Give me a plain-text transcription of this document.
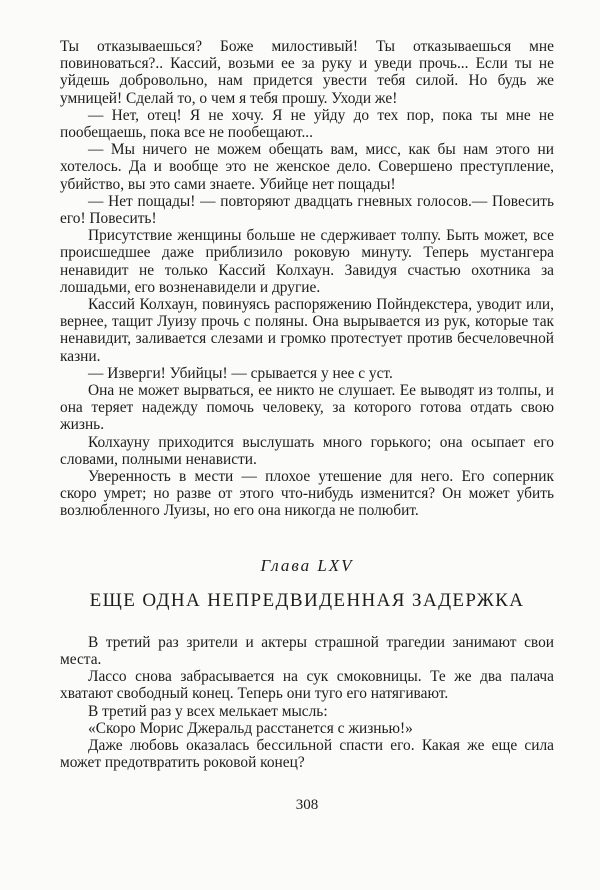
Ты отказываешься? Боже милостивый! Ты отказываешься мне повиноваться?.. Кассий, возьми ее за руку и уведи прочь... Если ты не уйдешь добровольно, нам придется увести тебя силой. Но будь же умницей! Сделай то, о чем я тебя прошу. Уходи же!

— Нет, отец! Я не хочу. Я не уйду до тех пор, пока ты мне не пообещаешь, пока все не пообещают...

— Мы ничего не можем обещать вам, мисс, как бы нам этого ни хотелось. Да и вообще это не женское дело. Совершено преступление, убийство, вы это сами знаете. Убийце нет пощады!

— Нет пощады! — повторяют двадцать гневных голосов.— Повесить его! Повесить!

Присутствие женщины больше не сдерживает толпу. Быть может, все происшедшее даже приблизило роковую минуту. Теперь мустангера ненавидит не только Кассий Колхаун. Завидуя счастью охотника за лошадьми, его возненавидели и другие.

Кассий Колхаун, повинуясь распоряжению Пойндекстера, уводит или, вернее, тащит Луизу прочь с поляны. Она вырывается из рук, которые так ненавидит, заливается слезами и громко протестует против бесчеловечной казни.

— Изверги! Убийцы! — срывается у нее с уст.

Она не может вырваться, ее никто не слушает. Ее выводят из толпы, и она теряет надежду помочь человеку, за которого готова отдать свою жизнь.

Колхауну приходится выслушать много горького; она осыпает его словами, полными ненависти.

Уверенность в мести — плохое утешение для него. Его соперник скоро умрет; но разве от этого что-нибудь изменится? Он может убить возлюбленного Луизы, но его она никогда не полюбит.

Глава LXV
ЕЩЕ ОДНА НЕПРЕДВИДЕННАЯ ЗАДЕРЖКА

В третий раз зрители и актеры страшной трагедии занимают свои места.

Лассо снова забрасывается на сук смоковницы. Те же два палача хватают свободный конец. Теперь они туго его натягивают.

В третий раз у всех мелькает мысль:

«Скоро Морис Джеральд расстанется с жизнью!»

Даже любовь оказалась бессильной спасти его. Какая же еще сила может предотвратить роковой конец?

308
